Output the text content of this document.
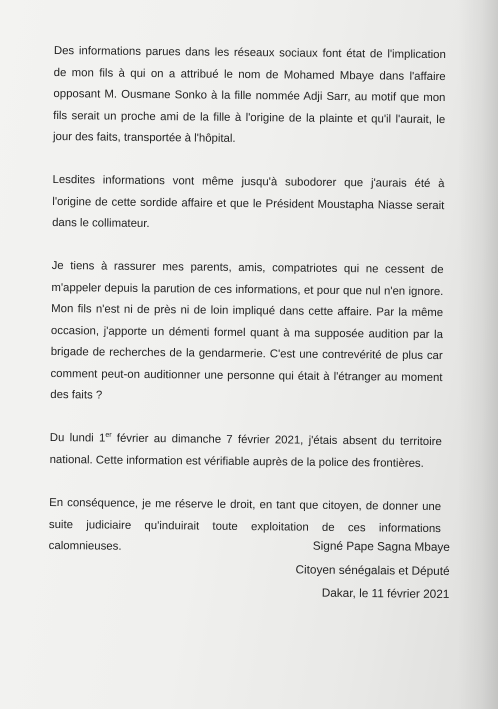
Des informations parues dans les réseaux sociaux font état de l'implication de mon fils à qui on a attribué le nom de Mohamed Mbaye dans l'affaire opposant M. Ousmane Sonko à la fille nommée Adji Sarr, au motif que mon fils serait un proche ami de la fille à l'origine de la plainte et qu'il l'aurait, le jour des faits, transportée à l'hôpital.

Lesdites informations vont même jusqu'à subodorer que j'aurais été à l'origine de cette sordide affaire et que le Président Moustapha Niasse serait dans le collimateur.

Je tiens à rassurer mes parents, amis, compatriotes qui ne cessent de m'appeler depuis la parution de ces informations, et pour que nul n'en ignore. Mon fils n'est ni de près ni de loin impliqué dans cette affaire. Par la même occasion, j'apporte un démenti formel quant à ma supposée audition par la brigade de recherches de la gendarmerie. C'est une contrevérité de plus car comment peut-on auditionner une personne qui était à l'étranger au moment des faits ?

Du lundi 1er février au dimanche 7 février 2021, j'étais absent du territoire national. Cette information est vérifiable auprès de la police des frontières.

En conséquence, je me réserve le droit, en tant que citoyen, de donner une suite judiciaire qu'induirait toute exploitation de ces informations calomnieuses.	Signé Pape Sagna Mbaye
Citoyen sénégalais et Député
Dakar, le 11 février 2021
